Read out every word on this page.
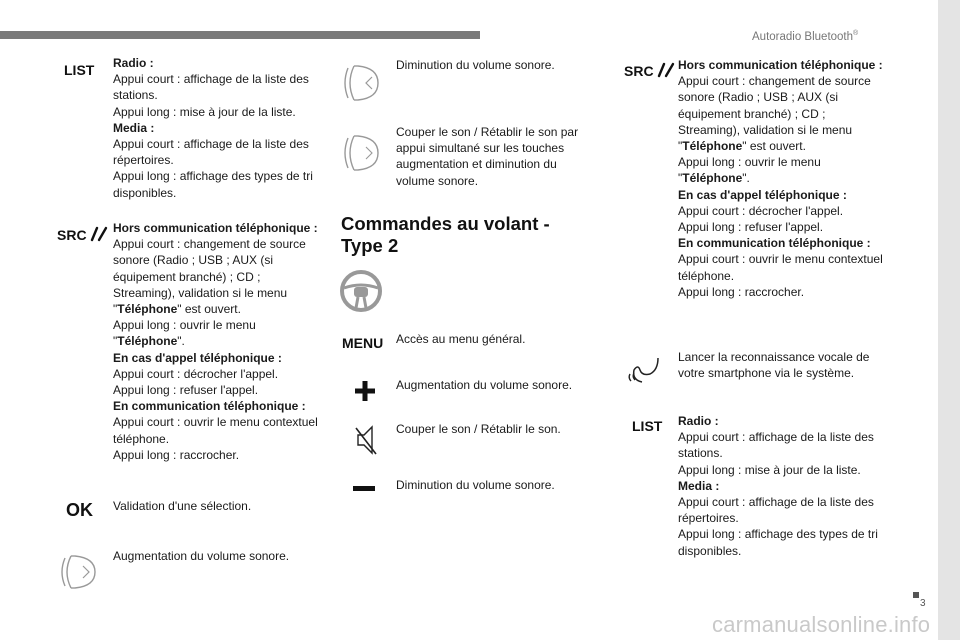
Autoradio Bluetooth®
3
LIST Radio :

Appui court : affichage de la liste des stations.

Appui long : mise à jour de la liste.

Media :

Appui court : affichage de la liste des répertoires.

Appui long : affichage des types de tri disponibles.

SRC	Hors communication téléphonique :

Appui court : changement de source sonore (Radio ; USB ; AUX (si équipement branché) ; CD ; Streaming), validation si le menu "Téléphone" est ouvert.

Appui long : ouvrir le menu "Téléphone".

En cas d'appel téléphonique :

Appui court : décrocher l'appel.

Appui long : refuser l'appel.

En communication téléphonique :

Appui court : ouvrir le menu contextuel téléphone.

Appui long : raccrocher.

OK Validation d'une sélection.
Augmentation du volume sonore.
Diminution du volume sonore.
Couper le son / Rétablir le son par appui simultané sur les touches augmentation et diminution du volume sonore.
Commandes au volant -
Type 2
MENU Accès au menu général.
Augmentation du volume sonore.
Couper le son / Rétablir le son.
Diminution du volume sonore.
SRC	Hors communication téléphonique :

Appui court : changement de source sonore (Radio ; USB ; AUX (si équipement branché) ; CD ; Streaming), validation si le menu "Téléphone" est ouvert.

Appui long : ouvrir le menu "Téléphone".

En cas d'appel téléphonique :

Appui court : décrocher l'appel.

Appui long : refuser l'appel.

En communication téléphonique :

Appui court : ouvrir le menu contextuel téléphone.

Appui long : raccrocher.

Lancer la reconnaissance vocale de votre smartphone via le système.
LIST Radio :

Appui court : affichage de la liste des stations.

Appui long : mise à jour de la liste.

Media :

Appui court : affichage de la liste des répertoires.

Appui long : affichage des types de tri disponibles.

carmanualsonline.info
